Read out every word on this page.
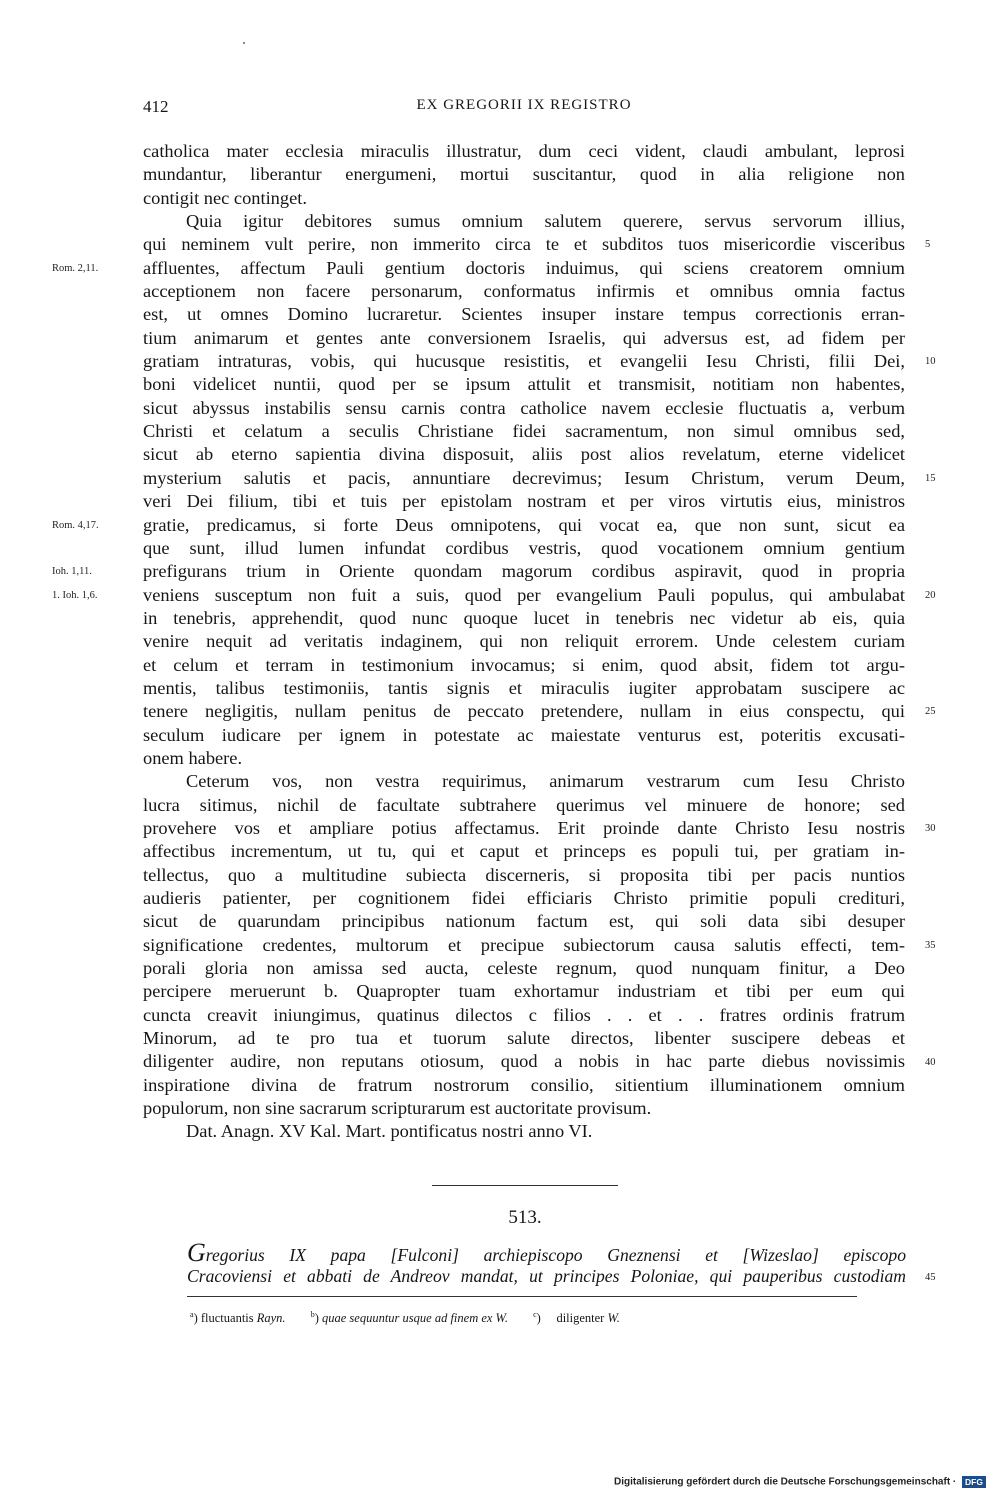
412	EX GREGORII IX REGISTRO
catholica mater ecclesia miraculis illustratur, dum ceci vident, claudi ambulant, leprosi
mundantur, liberantur energumeni, mortui suscitantur, quod in alia religione non
contigit nec continget.
Quia igitur debitores sumus omnium salutem querere, servus servorum illius,
qui neminem vult perire, non immerito circa te et subditos tuos misericordie visceribus
affluentes, affectum Pauli gentium doctoris induimus, qui sciens creatorem omnium
acceptionem non facere personarum, conformatus infirmis et omnibus omnia factus
est, ut omnes Domino lucraretur. Scientes insuper instare tempus correctionis erran-
tium animarum et gentes ante conversionem Israelis, qui adversus est, ad fidem per
gratiam intraturas, vobis, qui hucusque resistitis, et evangelii Iesu Christi, filii Dei,
boni videlicet nuntii, quod per se ipsum attulit et transmisit, notitiam non habentes,
sicut abyssus instabilis sensu carnis contra catholice navem ecclesie fluctuatis a, verbum
Christi et celatum a seculis Christiane fidei sacramentum, non simul omnibus sed,
sicut ab eterno sapientia divina disposuit, aliis post alios revelatum, eterne videlicet
mysterium salutis et pacis, annuntiare decrevimus; Iesum Christum, verum Deum,
veri Dei filium, tibi et tuis per epistolam nostram et per viros virtutis eius, ministros
gratie, predicamus, si forte Deus omnipotens, qui vocat ea, que non sunt, sicut ea
que sunt, illud lumen infundat cordibus vestris, quod vocationem omnium gentium
prefigurans trium in Oriente quondam magorum cordibus aspiravit, quod in propria
veniens susceptum non fuit a suis, quod per evangelium Pauli populus, qui ambulabat
in tenebris, apprehendit, quod nunc quoque lucet in tenebris nec videtur ab eis, quia
venire nequit ad veritatis indaginem, qui non reliquit errorem. Unde celestem curiam
et celum et terram in testimonium invocamus; si enim, quod absit, fidem tot argu-
mentis, talibus testimoniis, tantis signis et miraculis iugiter approbatam suscipere ac
tenere negligitis, nullam penitus de peccato pretendere, nullam in eius conspectu, qui
seculum iudicare per ignem in potestate ac maiestate venturus est, poteritis excusati-
onem habere.
Ceterum vos, non vestra requirimus, animarum vestrarum cum Iesu Christo
lucra sitimus, nichil de facultate subtrahere querimus vel minuere de honore; sed
provehere vos et ampliare potius affectamus. Erit proinde dante Christo Iesu nostris
affectibus incrementum, ut tu, qui et caput et princeps es populi tui, per gratiam in-
tellectus, quo a multitudine subiecta discerneris, si proposita tibi per pacis nuntios
audieris patienter, per cognitionem fidei efficiaris Christo primitie populi credituri,
sicut de quarundam principibus nationum factum est, qui soli data sibi desuper
significatione credentes, multorum et precipue subiectorum causa salutis effecti, tem-
porali gloria non amissa sed aucta, celeste regnum, quod nunquam finitur, a Deo
percipere meruerunt b. Quapropter tuam exhortamur industriam et tibi per eum qui
cuncta creavit iniungimus, quatinus dilectos c filios . . et . . fratres ordinis fratrum
Minorum, ad te pro tua et tuorum salute directos, libenter suscipere debeas et
diligenter audire, non reputans otiosum, quod a nobis in hac parte diebus novissimis
inspiratione divina de fratrum nostrorum consilio, sitientium illuminationem omnium
populorum, non sine sacrarum scripturarum est auctoritate provisum.
Dat. Anagn. XV Kal. Mart. pontificatus nostri anno VI.
5
Rom. 2,11.
10
15
Rom. 4,17.
Ioh. 1,11.
1. Ioh. 1,6.	20
25
30
35
40
513.
Gregorius IX papa [Fulconi] archiepiscopo Gneznensi et [Wizeslao] episcopo
Cracoviensi et abbati de Andreov mandat, ut principes Poloniae, qui pauperibus custodiam 45
$^a$) fluctuantis Rayn.	$^b$) quae sequuntur usque ad finem ex W.	$^c$)     diligenter W.
Digitalisierung gefördert durch die Deutsche Forschungsgemeinschaft · DFG
